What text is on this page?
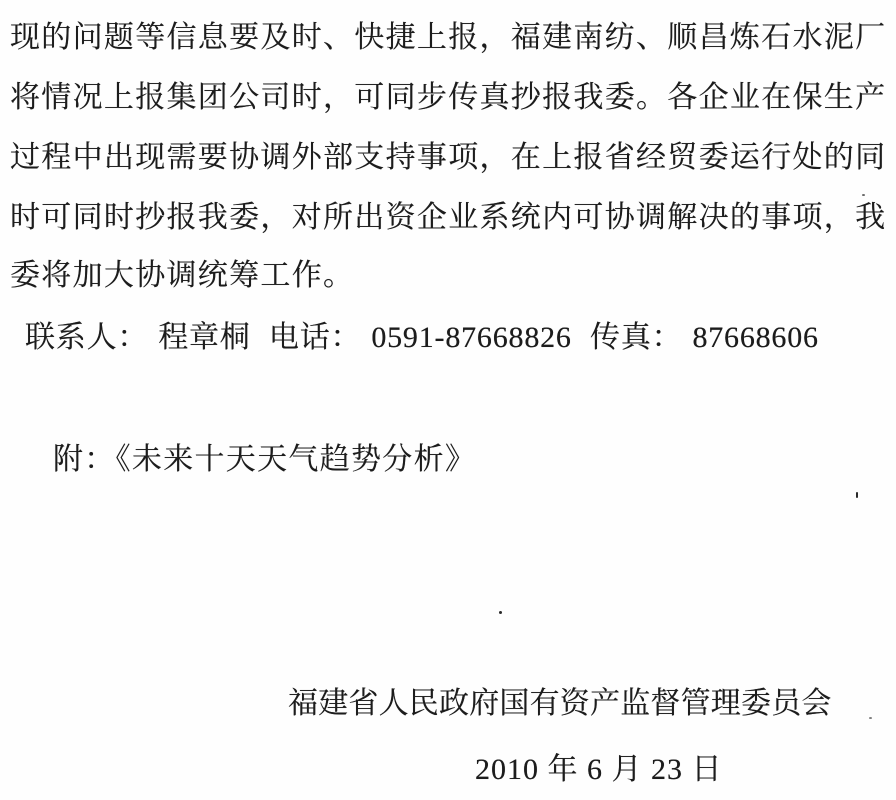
现的问题等信息要及时、快捷上报，福建南纺、顺昌炼石水泥厂
将情况上报集团公司时，可同步传真抄报我委。各企业在保生产
过程中出现需要协调外部支持事项，在上报省经贸委运行处的同
时可同时抄报我委，对所出资企业系统内可协调解决的事项，我
委将加大协调统筹工作。
联系人： 程章桐 电话： 0591-87668826 传真： 87668606
附：《未来十天天气趋势分析》
福建省人民政府国有资产监督管理委员会
2010 年 6 月 23 日
